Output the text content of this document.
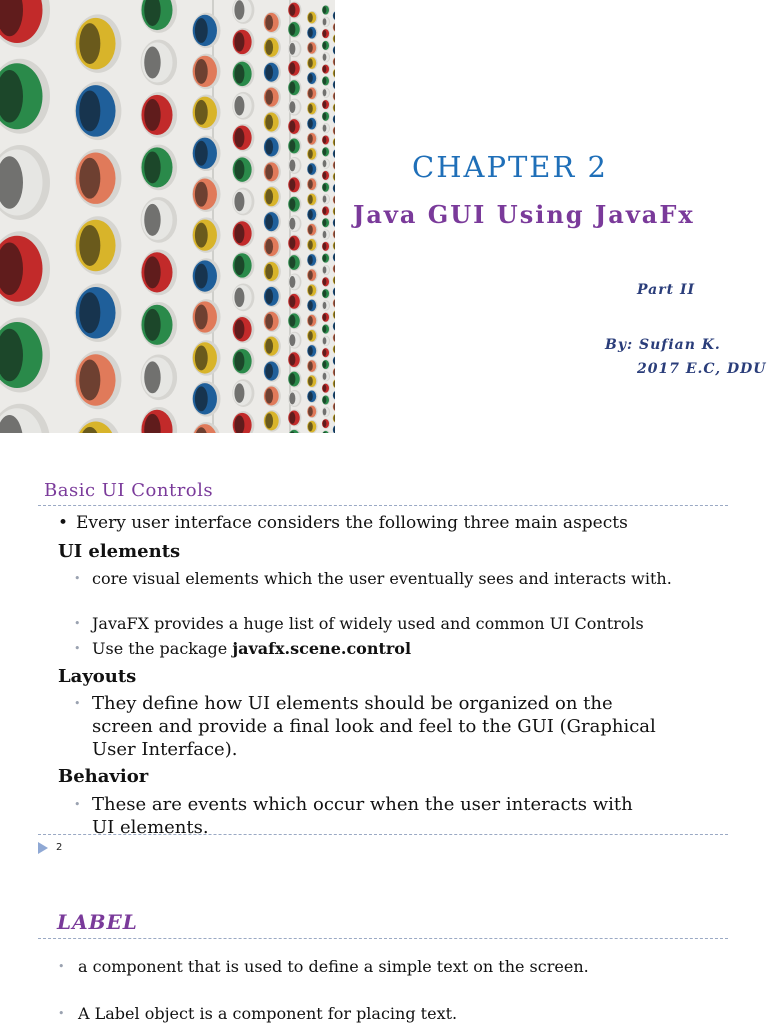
CHAPTER 2
Java GUI Using JavaFx
Part II
By: Sufian K.
2017 E.C, DDU
Basic UI Controls
• Every user interface considers the following three main aspects
UI elements
• core visual elements which the user eventually sees and interacts with.
• JavaFX provides a huge list of widely used and common UI Controls
• Use the package javafx.scene.control
Layouts
• They define how UI elements should be organized on the screen and provide a final look and feel to the GUI (Graphical User Interface).
Behavior
• These are events which occur when the user interacts with UI elements.
2
LABEL
• a component that is used to define a simple text on the screen.
• A Label object is a component for placing text.
